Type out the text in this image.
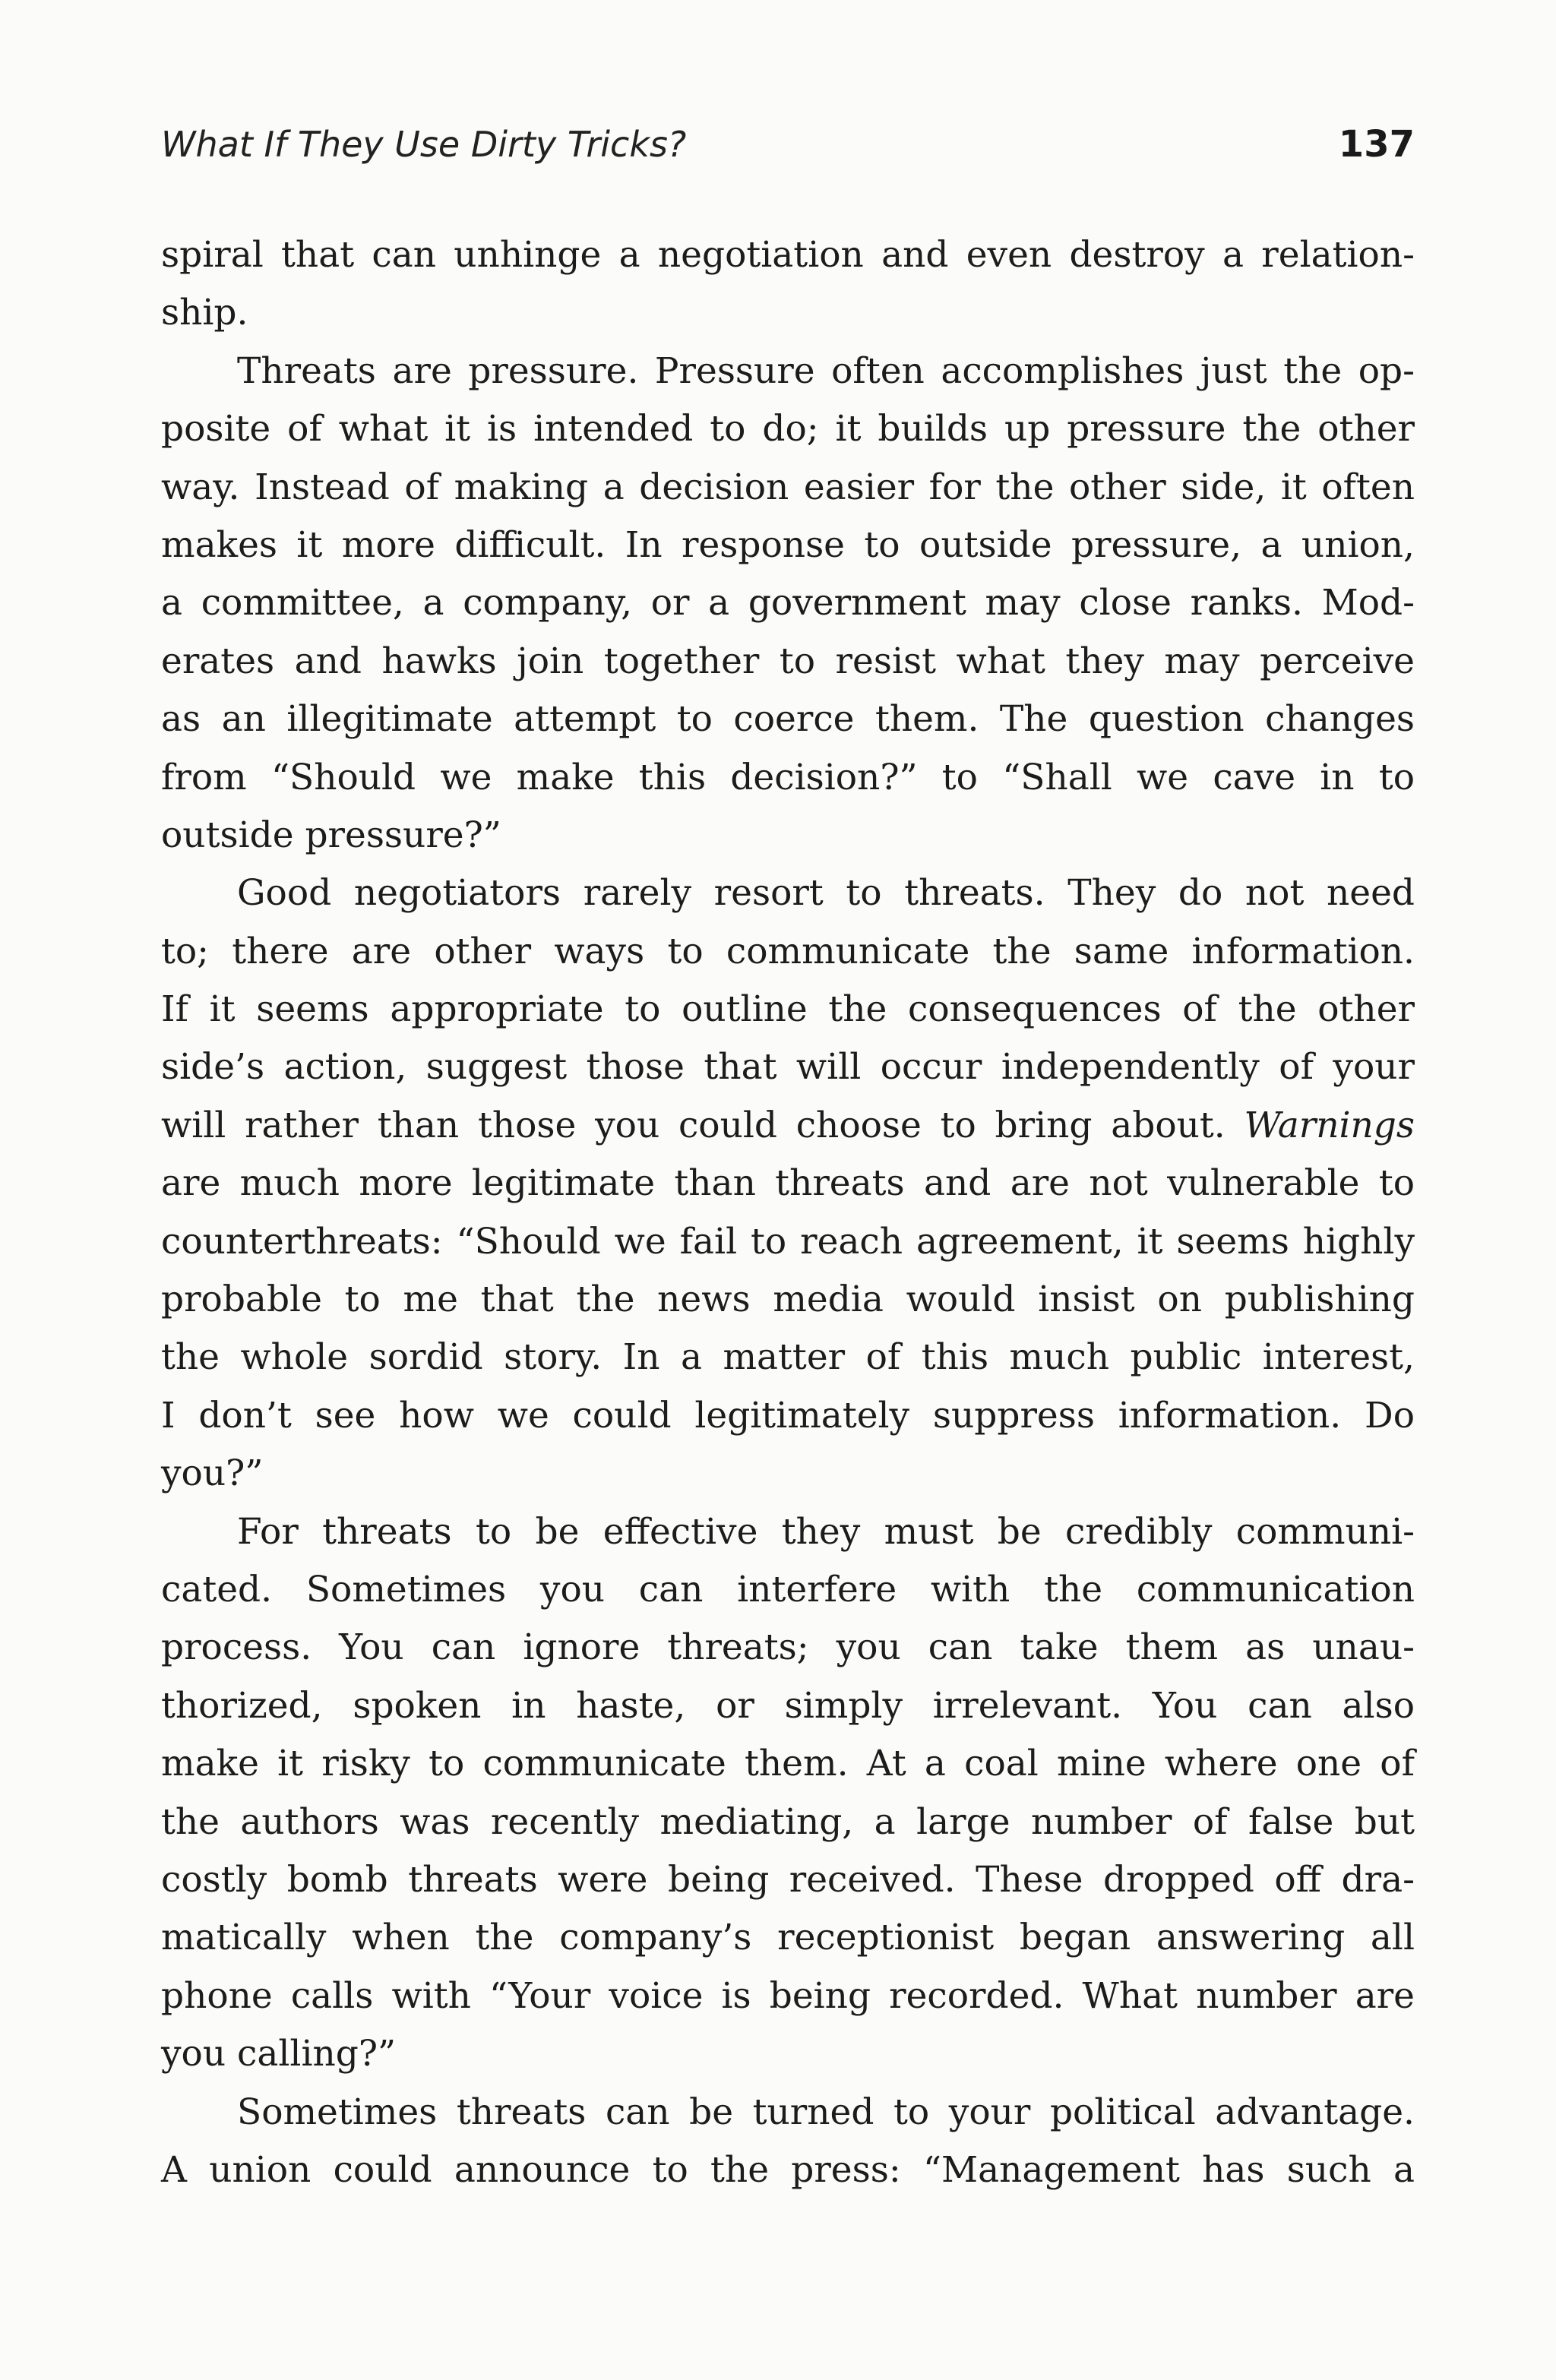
What If They Use Dirty Tricks?	137
spiral that can unhinge a negotiation and even destroy a relation-
ship.
Threats are pressure. Pressure often accomplishes just the op-
posite of what it is intended to do; it builds up pressure the other
way. Instead of making a decision easier for the other side, it often
makes it more difficult. In response to outside pressure, a union,
a committee, a company, or a government may close ranks. Mod-
erates and hawks join together to resist what they may perceive
as an illegitimate attempt to coerce them. The question changes
from “Should we make this decision?” to “Shall we cave in to
outside pressure?”
Good negotiators rarely resort to threats. They do not need
to; there are other ways to communicate the same information.
If it seems appropriate to outline the consequences of the other
side’s action, suggest those that will occur independently of your
will rather than those you could choose to bring about. Warnings
are much more legitimate than threats and are not vulnerable to
counterthreats: “Should we fail to reach agreement, it seems highly
probable to me that the news media would insist on publishing
the whole sordid story. In a matter of this much public interest,
I don’t see how we could legitimately suppress information. Do
you?”
For threats to be effective they must be credibly communi-
cated. Sometimes you can interfere with the communication
process. You can ignore threats; you can take them as unau-
thorized, spoken in haste, or simply irrelevant. You can also
make it risky to communicate them. At a coal mine where one of
the authors was recently mediating, a large number of false but
costly bomb threats were being received. These dropped off dra-
matically when the company’s receptionist began answering all
phone calls with “Your voice is being recorded. What number are
you calling?”
Sometimes threats can be turned to your political advantage.
A union could announce to the press: “Management has such a
